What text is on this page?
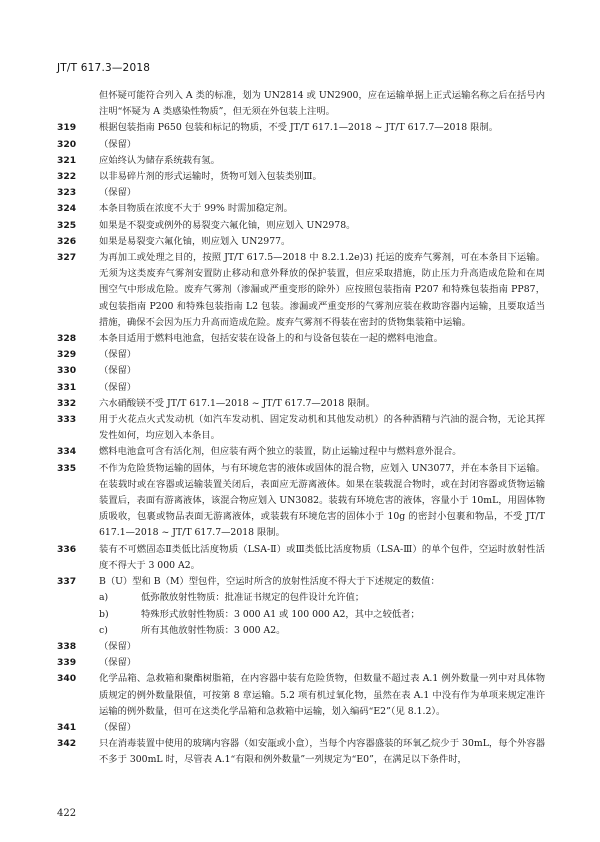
JT/T 617.3—2018
但怀疑可能符合列入 A 类的标准，划为 UN2814 或 UN2900，应在运输单据上正式运输名称之后在括号内注明“怀疑为 A 类感染性物质”，但无须在外包装上注明。
319	根据包装指南 P650 包装和标记的物质，不受 JT/T 617.1—2018 ~ JT/T 617.7—2018 限制。
320	（保留）
321	应始终认为储存系统载有氢。
322	以非易碎片剂的形式运输时，货物可划入包装类别Ⅲ。
323	（保留）
324	本条目物质在浓度不大于 99% 时需加稳定剂。
325	如果是不裂变或例外的易裂变六氟化铀，则应划入 UN2978。
326	如果是易裂变六氟化铀，则应划入 UN2977。
327	为再加工或处理之目的，按照 JT/T 617.5—2018 中 8.2.1.2e)3) 托运的废弃气雾剂，可在本条目下运输。无须为这类废弃气雾剂安置防止移动和意外释放的保护装置，但应采取措施，防止压力升高造成危险和在周围空气中形成危险。废弃气雾剂（渗漏或严重变形的除外）应按照包装指南 P207 和特殊包装指南 PP87，或包装指南 P200 和特殊包装指南 L2 包装。渗漏或严重变形的气雾剂应装在救助容器内运输，且要取适当措施，确保不会因为压力升高而造成危险。废弃气雾剂不得装在密封的货物集装箱中运输。
328	本条目适用于燃料电池盒，包括安装在设备上的和与设备包装在一起的燃料电池盒。
329	（保留）
330	（保留）
331	（保留）
332	六水硝酸镁不受 JT/T 617.1—2018 ~ JT/T 617.7—2018 限制。
333	用于火花点火式发动机（如汽车发动机、固定发动机和其他发动机）的各种酒精与汽油的混合物，无论其挥发性如何，均应划入本条目。
334	燃料电池盒可含有活化剂，但应装有两个独立的装置，防止运输过程中与燃料意外混合。
335	不作为危险货物运输的固体，与有环境危害的液体或固体的混合物，应划入 UN3077，并在本条目下运输。在装载时或在容器或运输装置关闭后，表面应无游离液体。如果在装载混合物时，或在封闭容器或货物运输装置后，表面有游离液体，该混合物应划入 UN3082。装载有环境危害的液体，容量小于 10mL，用固体物质吸收，包裹或物品表面无游离液体，或装载有环境危害的固体小于 10g 的密封小包裹和物品，不受 JT/T 617.1—2018 ~ JT/T 617.7—2018 限制。
336	装有不可燃固态Ⅱ类低比活度物质（LSA-Ⅱ）或Ⅲ类低比活度物质（LSA-Ⅲ）的单个包件，空运时放射性活度不得大于 3 000 A2。
337	B（U）型和 B（M）型包件，空运时所含的放射性活度不得大于下述规定的数值：
a)	低弥散放射性物质：批准证书规定的包件设计允许值；
b)	特殊形式放射性物质：3 000 A1 或 100 000 A2，其中之较低者；
c)	所有其他放射性物质：3 000 A2。
338	（保留）
339	（保留）
340	化学品箱、急救箱和聚酯树脂箱，在内容器中装有危险货物，但数量不超过表 A.1 例外数量一列中对具体物质规定的例外数量限值，可按第 8 章运输。5.2 项有机过氧化物，虽然在表 A.1 中没有作为单项来规定准许运输的例外数量，但可在这类化学品箱和急救箱中运输，划入编码“E2”（见 8.1.2）。
341	（保留）
342	只在消毒装置中使用的玻璃内容器（如安瓿或小盒），当每个内容器盛装的环氧乙烷少于 30mL，每个外容器不多于 300mL 时，尽管表 A.1“有限和例外数量”一列规定为“E0”，在满足以下条件时，
422
